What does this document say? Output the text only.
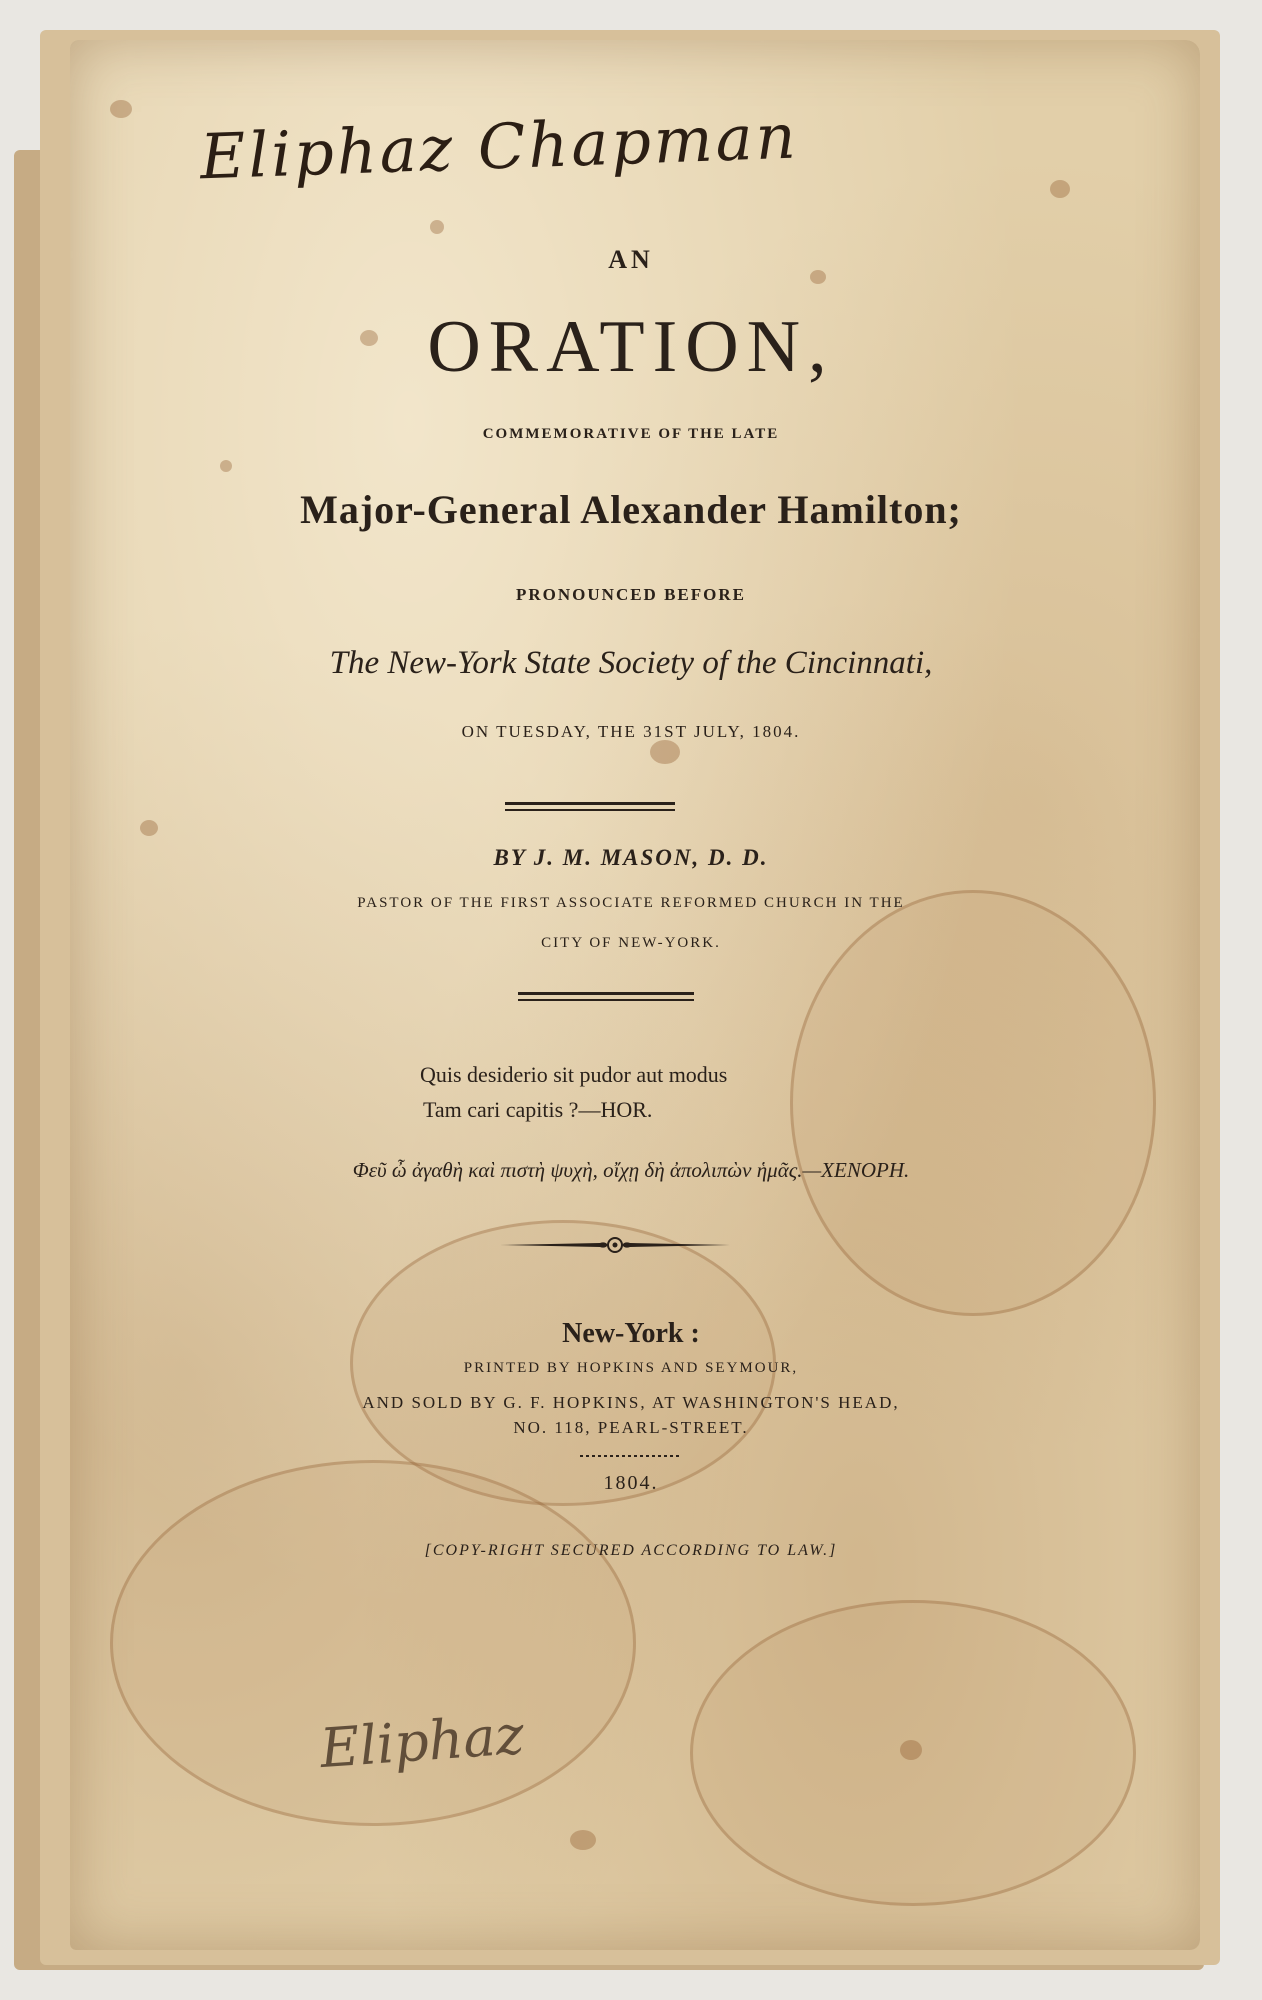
Eliphaz Chapman
AN
ORATION,
COMMEMORATIVE OF THE LATE
Major-General Alexander Hamilton;
PRONOUNCED BEFORE
The New-York State Society of the Cincinnati,
ON TUESDAY, THE 31ST JULY, 1804.
BY J. M. MASON, D. D.
PASTOR OF THE FIRST ASSOCIATE REFORMED CHURCH IN THE
CITY OF NEW-YORK.
Quis desiderio sit pudor aut modus
Tam cari capitis ?—HOR.
Φεῦ ὦ ἀγαθὴ καὶ πιστὴ ψυχὴ, οἴχῃ δὴ ἀπολιπὼν ἡμᾶς.—XENOPH.
New-York :
PRINTED BY HOPKINS AND SEYMOUR,
AND SOLD BY G. F. HOPKINS, AT WASHINGTON'S HEAD,
NO. 118, PEARL-STREET.
1804.
[COPY-RIGHT SECURED ACCORDING TO LAW.]
Eliphaz
